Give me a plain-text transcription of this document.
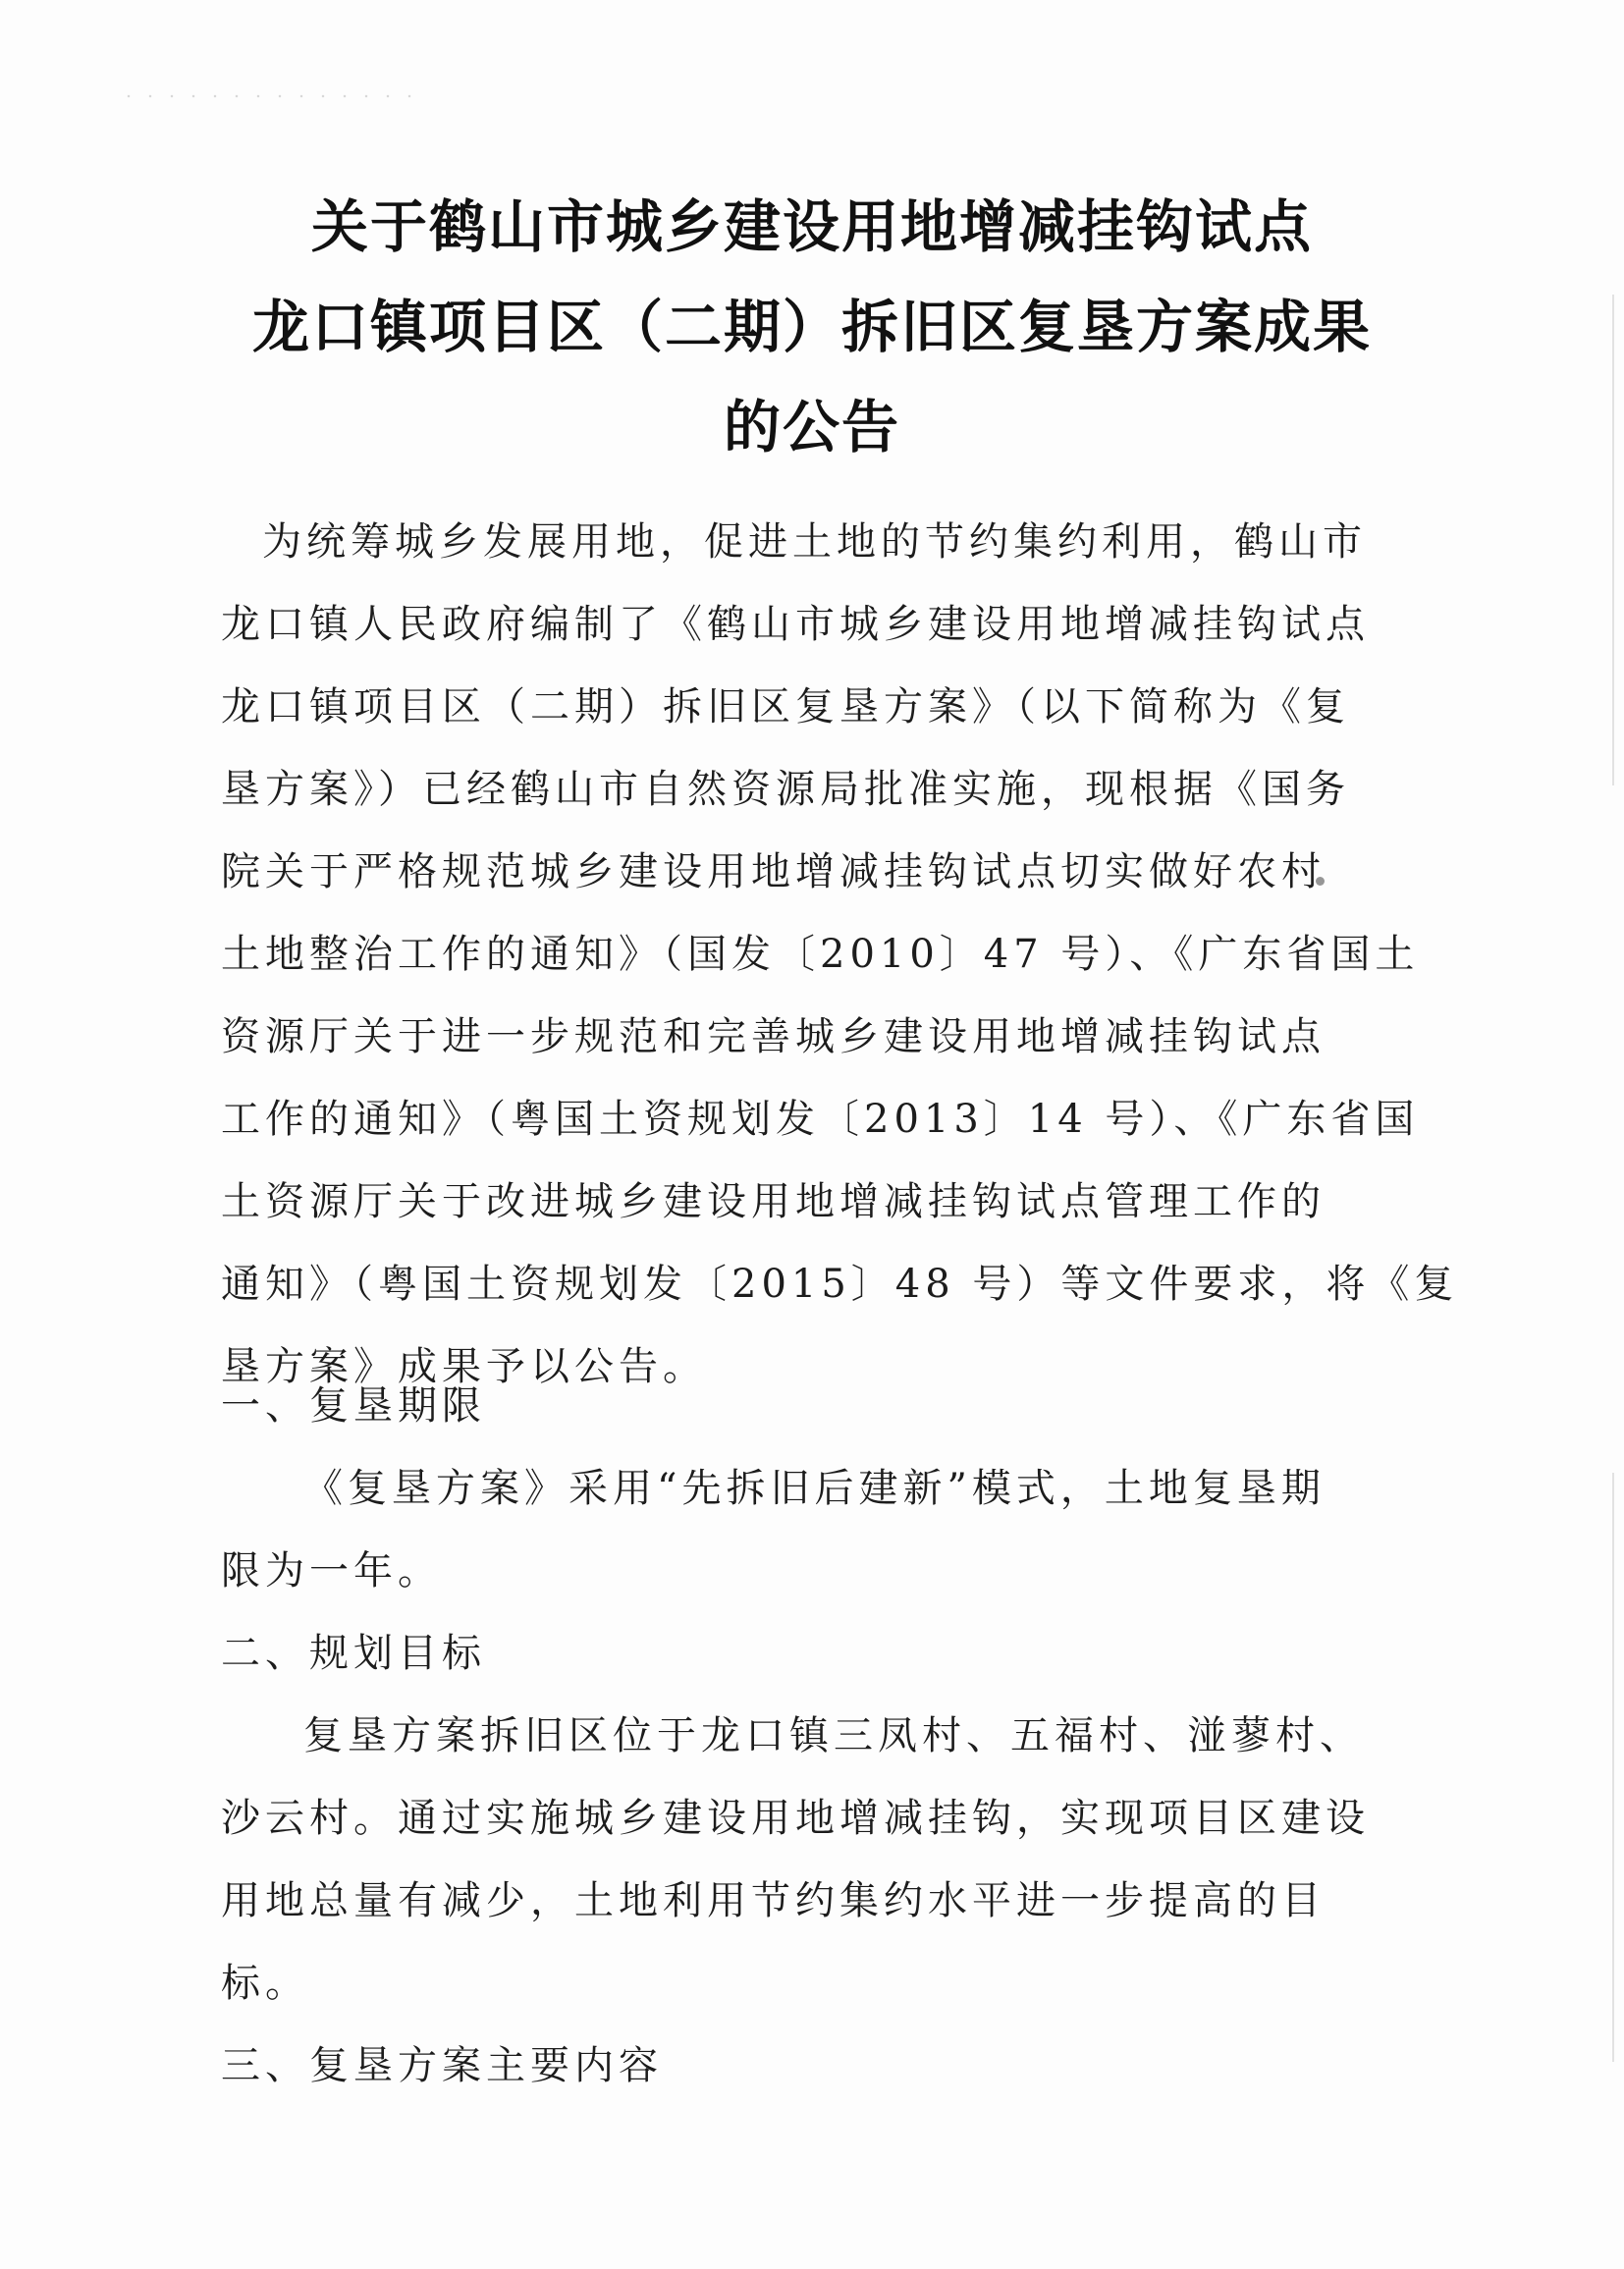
关于鹤山市城乡建设用地增减挂钩试点
龙口镇项目区（二期）拆旧区复垦方案成果
的公告
为统筹城乡发展用地，促进土地的节约集约利用，鹤山市
龙口镇人民政府编制了《鹤山市城乡建设用地增减挂钩试点
龙口镇项目区（二期）拆旧区复垦方案》（以下简称为《复
垦方案》）已经鹤山市自然资源局批准实施，现根据《国务
院关于严格规范城乡建设用地增减挂钩试点切实做好农村
土地整治工作的通知》（国发〔2010〕47 号）、《广东省国土
资源厅关于进一步规范和完善城乡建设用地增减挂钩试点
工作的通知》（粤国土资规划发〔2013〕14 号）、《广东省国
土资源厅关于改进城乡建设用地增减挂钩试点管理工作的
通知》（粤国土资规划发〔2015〕48 号）等文件要求，将《复
垦方案》成果予以公告。
一、复垦期限
《复垦方案》采用“先拆旧后建新”模式，土地复垦期
限为一年。
二、规划目标
复垦方案拆旧区位于龙口镇三凤村、五福村、湴蓼村、
沙云村。通过实施城乡建设用地增减挂钩，实现项目区建设
用地总量有减少，土地利用节约集约水平进一步提高的目
标。
三、复垦方案主要内容
